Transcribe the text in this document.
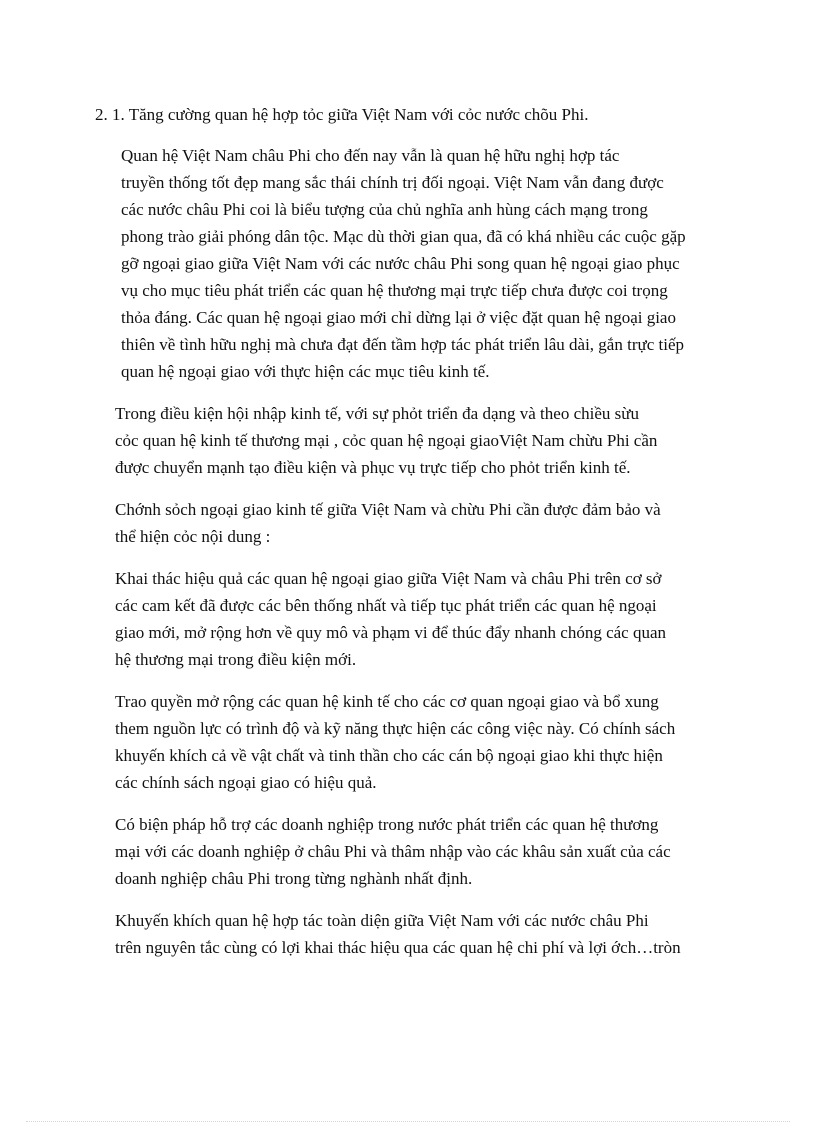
2. 1. Tăng cường quan hệ hợp tỏc giữa Việt Nam với cỏc nước chõu Phi.

Quan hệ Việt Nam châu Phi cho đến nay vẫn là quan hệ hữu nghị hợp tác
truyền thống tốt đẹp mang sắc thái chính trị đối ngoại. Việt Nam vẫn đang được
các nước châu Phi coi là biểu tượng của chủ nghĩa anh hùng cách mạng trong
phong trào giải phóng dân tộc. Mạc dù thời gian qua, đã có khá nhiều các cuộc gặp
gỡ ngoại giao giữa Việt Nam với các nước châu Phi song quan hệ ngoại giao phục
vụ cho mục tiêu phát triển các quan hệ thương mại trực tiếp chưa được coi trọng
thỏa đáng. Các quan hệ ngoại giao mới chỉ dừng lại ở việc đặt quan hệ ngoại giao
thiên về tình hữu nghị mà chưa đạt đến tầm hợp tác phát triển lâu dài, gắn trực tiếp
quan hệ ngoại giao với thực hiện các mục tiêu kinh tế.

Trong điều kiện hội nhập kinh tế, với sự phỏt triển đa dạng và theo chiều sừu
cỏc quan hệ kinh tế thương mại , cỏc quan hệ ngoại giaoViệt Nam chừu Phi cần
được chuyển mạnh tạo điều kiện và phục vụ trực tiếp cho phỏt triển kinh tế.

Chớnh sỏch ngoại giao kinh tế giữa Việt Nam và chừu Phi cần được đảm bảo và
thể hiện cỏc nội dung :

Khai thác hiệu quả các quan hệ ngoại giao giữa Việt Nam và châu Phi trên cơ sở
các cam kết đã được các bên thống nhất và tiếp tục phát triển các quan hệ ngoại
giao mới, mở rộng hơn về quy mô và phạm vi để thúc đẩy nhanh chóng các quan
hệ thương mại trong điều kiện mới.

Trao quyền mở rộng các quan hệ kinh tế cho các cơ quan ngoại giao và bổ xung
them nguồn lực có trình độ và kỹ năng thực hiện các công việc này. Có chính sách
khuyến khích cả về vật chất và tinh thần cho các cán bộ ngoại giao khi thực hiện
các chính sách ngoại giao có hiệu quả.

Có biện pháp hỗ trợ các doanh nghiệp trong nước phát triển các quan hệ thương
mại với các doanh nghiệp ở châu Phi và thâm nhập vào các khâu sản xuất của các
doanh nghiệp châu Phi trong từng nghành nhất định.

Khuyến khích quan hệ hợp tác toàn diện giữa Việt Nam với các nước châu Phi
trên nguyên tắc cùng có lợi khai thác hiệu qua các quan hệ chi phí và lợi ớch…tròn
